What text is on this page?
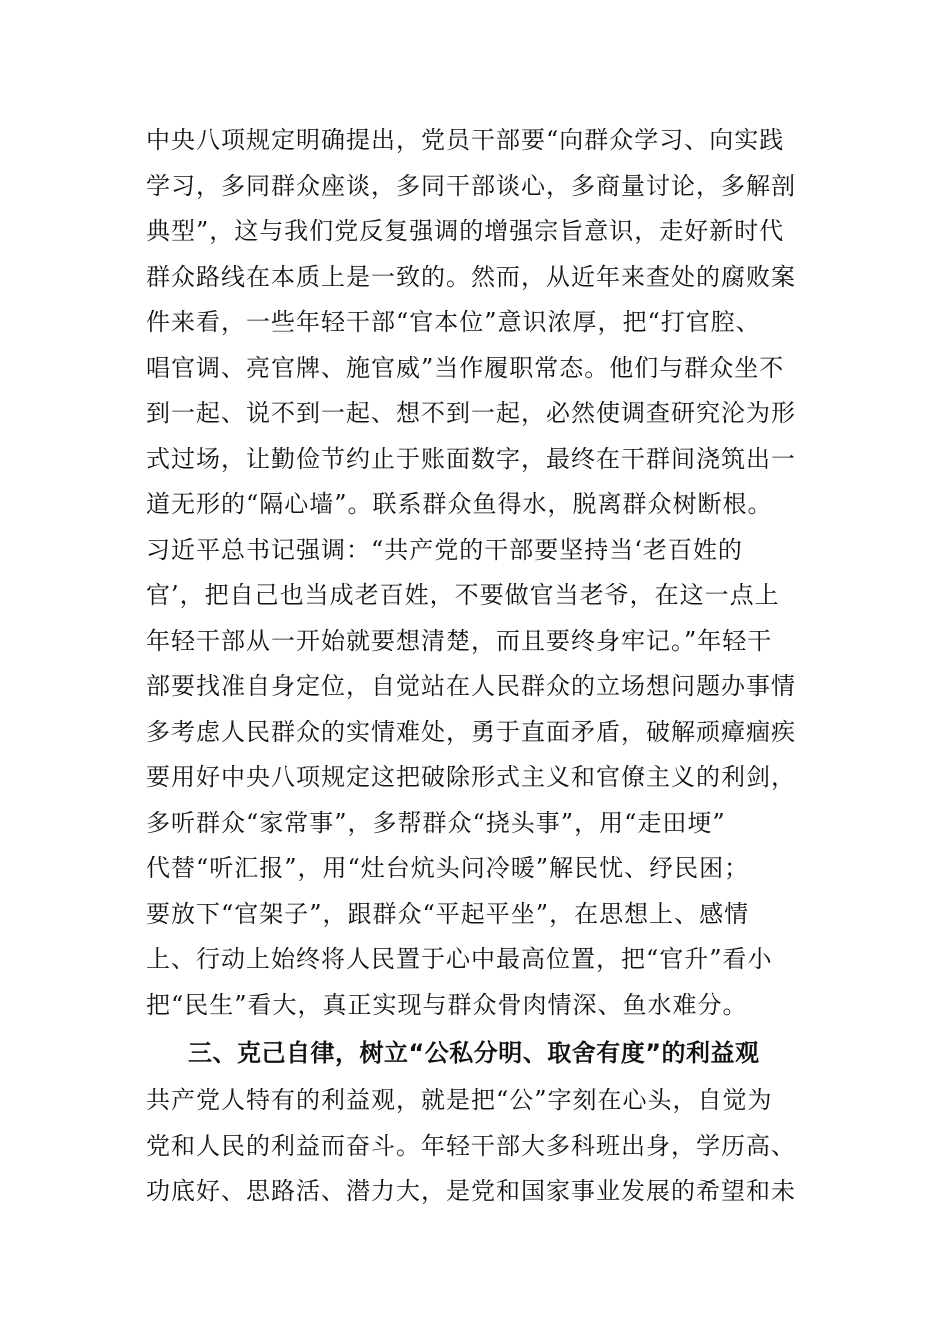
中央八项规定明确提出，党员干部要“向群众学习、向实践
学习，多同群众座谈，多同干部谈心，多商量讨论，多解剖
典型”，这与我们党反复强调的增强宗旨意识，走好新时代
群众路线在本质上是一致的。然而，从近年来查处的腐败案
件来看，一些年轻干部“官本位”意识浓厚，把“打官腔、
唱官调、亮官牌、施官威”当作履职常态。他们与群众坐不
到一起、说不到一起、想不到一起，必然使调查研究沦为形
式过场，让勤俭节约止于账面数字，最终在干群间浇筑出一
道无形的“隔心墙”。联系群众鱼得水，脱离群众树断根。
习近平总书记强调：“共产党的干部要坚持当‘老百姓的
官’，把自己也当成老百姓，不要做官当老爷，在这一点上
年轻干部从一开始就要想清楚，而且要终身牢记。”年轻干
部要找准自身定位，自觉站在人民群众的立场想问题办事情
多考虑人民群众的实情难处，勇于直面矛盾，破解顽瘴痼疾
要用好中央八项规定这把破除形式主义和官僚主义的利剑，
多听群众“家常事”，多帮群众“挠头事”，用“走田埂”
代替“听汇报”，用“灶台炕头问冷暖”解民忧、纾民困；
要放下“官架子”，跟群众“平起平坐”，在思想上、感情
上、行动上始终将人民置于心中最高位置，把“官升”看小
把“民生”看大，真正实现与群众骨肉情深、鱼水难分。
三、克己自律，树立“公私分明、取舍有度”的利益观
共产党人特有的利益观，就是把“公”字刻在心头，自觉为
党和人民的利益而奋斗。年轻干部大多科班出身，学历高、
功底好、思路活、潜力大，是党和国家事业发展的希望和未
